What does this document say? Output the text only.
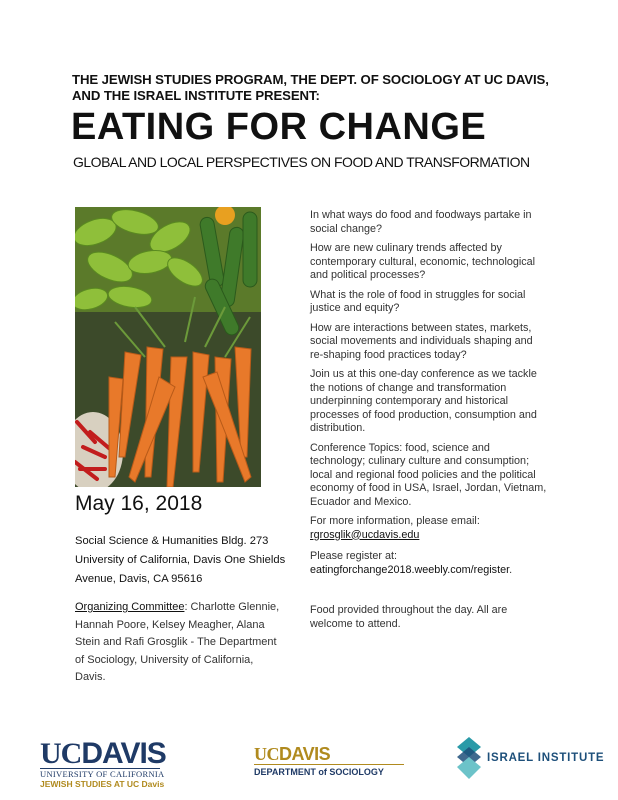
THE JEWISH STUDIES PROGRAM, THE DEPT. OF SOCIOLOGY AT UC DAVIS,
AND THE ISRAEL INSTITUTE PRESENT:
EATING FOR CHANGE
GLOBAL AND LOCAL PERSPECTIVES ON FOOD AND TRANSFORMATION
May 16, 2018
Social Science & Humanities Bldg. 273
University of California, Davis One Shields
Avenue, Davis, CA 95616
Organizing Committee: Charlotte Glennie, Hannah Poore, Kelsey Meagher, Alana Stein and Rafi Grosglik - The Department of Sociology, University of California, Davis.

In what ways do food and foodways partake in social change?

How are new culinary trends affected by contemporary cultural, economic, technological and political processes?

What is the role of food in struggles for social justice and equity?

How are interactions between states, markets, social movements and individuals shaping and re-shaping food practices today?

Join us at this one-day conference as we tackle the notions of change and transformation underpinning contemporary and historical processes of food production, consumption and distribution.

Conference Topics: food, science and technology; culinary culture and consumption; local and regional food policies and the political economy of food in USA, Israel, Jordan, Vietnam, Ecuador and Mexico.

For more information, please email:
rgrosglik@ucdavis.edu

Please register at:
eatingforchange2018.weebly.com/register.

Food provided throughout the day. All are welcome to attend.

UCDAVIS
UNIVERSITY OF CALIFORNIA
JEWISH STUDIES AT UC Davis
UCDAVIS
DEPARTMENT of SOCIOLOGY
ISRAEL INSTITUTE
